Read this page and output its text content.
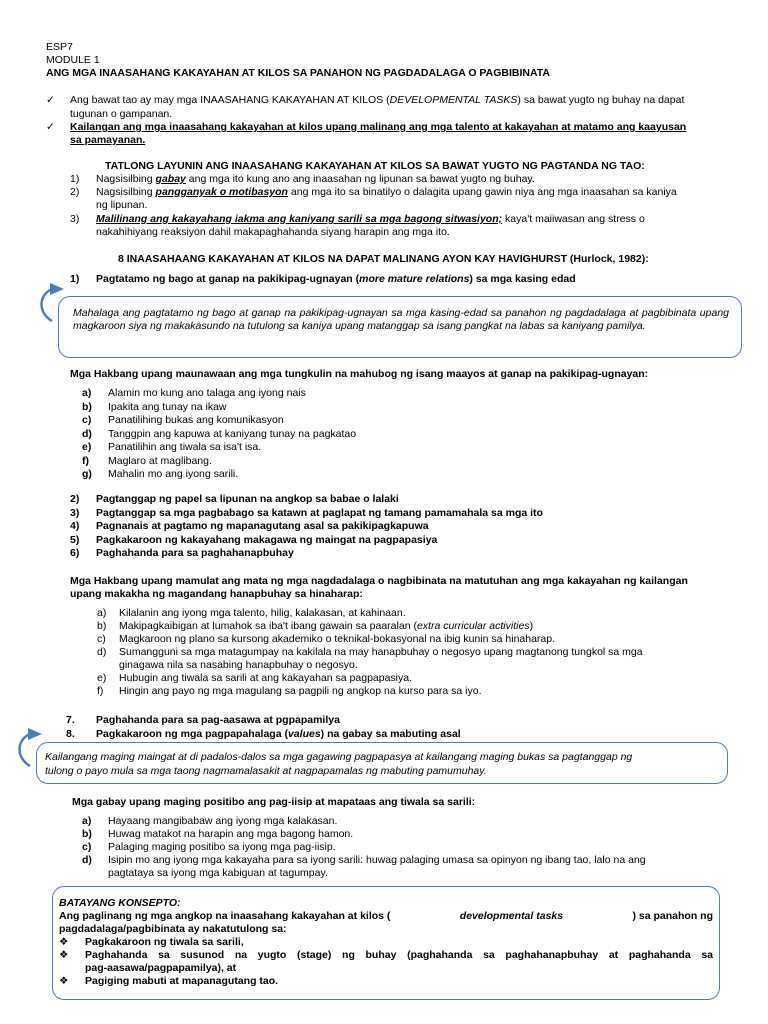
ESP7
MODULE 1
ANG MGA INAASAHANG KAKAYAHAN AT KILOS SA PANAHON NG PAGDADALAGA O PAGBIBINATA
✓ Ang bawat tao ay may mga INAASAHANG KAKAYAHAN AT KILOS (DEVELOPMENTAL TASKS) sa bawat yugto ng buhay na dapat
tugunan o gampanan.
✓ Kailangan ang mga inaasahang kakayahan at kilos upang malinang ang mga talento at kakayahan at matamo ang kaayusan
sa pamayanan.
TATLONG LAYUNIN ANG INAASAHANG KAKAYAHAN AT KILOS SA BAWAT YUGTO NG PAGTANDA NG TAO:
1) Nagsisilbing gabay ang mga ito kung ano ang inaasahan ng lipunan sa bawat yugto ng buhay.
2) Nagsisilbing pangganyak o motibasyon ang mga ito sa binatilyo o dalagita upang gawin niya ang mga inaasahan sa kaniya
ng lipunan.
3) Malilinang ang kakayahang iakma ang kaniyang sarili sa mga bagong sitwasiyon; kaya't maiiwasan ang stress o
nakahihiyang reaksiyon dahil makapaghahanda siyang harapin ang mga ito.
8 INAASAHAANG KAKAYAHAN AT KILOS NA DAPAT MALINANG AYON KAY HAVIGHURST (Hurlock, 1982):
1) Pagtatamo ng bago at ganap na pakikipag-ugnayan (more mature relations) sa mga kasing edad
Mahalaga ang pagtatamo ng bago at ganap na pakikipag-ugnayan sa mga kasing-edad sa panahon ng pagdadalaga at pagbibinata upang magkaroon siya ng makakasundo na tutulong sa kaniya upang matanggap sa isang pangkat na labas sa kaniyang pamilya.
Mga Hakbang upang maunawaan ang mga tungkulin na mahubog ng isang maayos at ganap na pakikipag-ugnayan:
a) Alamin mo kung ano talaga ang iyong nais
b) Ipakita ang tunay na ikaw
c) Panatilihing bukas ang komunikasyon
d) Tanggpin ang kapuwa at kaniyang tunay na pagkatao
e) Panatilihin ang tiwala sa isa't isa.
f) Maglaro at maglibang.
g) Mahalin mo ang iyong sarili.
2) Pagtanggap ng papel sa lipunan na angkop sa babae o lalaki
3) Pagtanggap sa mga pagbabago sa katawn at paglapat ng tamang pamamahala sa mga ito
4) Pagnanais at pagtamo ng mapanagutang asal sa pakikipagkapuwa
5) Pagkakaroon ng kakayahang makagawa ng maingat na pagpapasiya
6) Paghahanda para sa paghahanapbuhay
Mga Hakbang upang mamulat ang mata ng mga nagdadalaga o nagbibinata na matutuhan ang mga kakayahan ng kailangan
upang makakha ng magandang hanapbuhay sa hinaharap:
a) Kilalanin ang iyong mga talento, hilig, kalakasan, at kahinaan.
b) Makipagkaibigan at lumahok sa iba't ibang gawain sa paaralan (extra curricular activities)
c) Magkaroon ng plano sa kursong akademiko o teknikal-bokasyonal na ibig kunin sa hinaharap.
d) Sumangguni sa mga matagumpay na kakilala na may hanapbuhay o negosyo upang magtanong tungkol sa mga
ginagawa nila sa nasabing hanapbuhay o negosyo.
e) Hubugin ang tiwala sa sarili at ang kakayahan sa pagpapasiya.
f) Hingin ang payo ng mga magulang sa pagpili ng angkop na kurso para sa iyo.
7. Paghahanda para sa pag-aasawa at pgpapamilya
8. Pagkakaroon ng mga pagpapahalaga (values) na gabay sa mabuting asal
Kailangang maging maingat at di padalos-dalos sa mga gagawing pagpapasya at kailangang maging bukas sa pagtanggap ng
tulong o payo mula sa mga taong nagmamalasakit at nagpapamalas ng mabuting pamumuhay.
Mga gabay upang maging positibo ang pag-iisip at mapataas ang tiwala sa sarili:
a) Hayaang mangibabaw ang iyong mga kalakasan.
b) Huwag matakot na harapin ang mga bagong hamon.
c) Palaging maging positibo sa iyong mga pag-iisip.
d) Isipin mo ang iyong mga kakayaha para sa iyong sarili: huwag palaging umasa sa opinyon ng ibang tao, lalo na ang
pagtataya sa iyong mga kabiguan at tagumpay.
BATAYANG KONSEPTO:
Ang paglinang ng mga angkop na inaasahang kakayahan at kilos (	developmental tasks	) sa panahon ng
pagdadalaga/pagbibinata ay nakatutulong sa:
❖ Pagkakaroon ng tiwala sa sarili,
❖ Paghahanda sa susunod na yugto (stage) ng buhay (paghahanda sa paghahanapbuhay at paghahanda sa
pag-aasawa/pagpapamilya), at
❖ Pagiging mabuti at mapanagutang tao.
